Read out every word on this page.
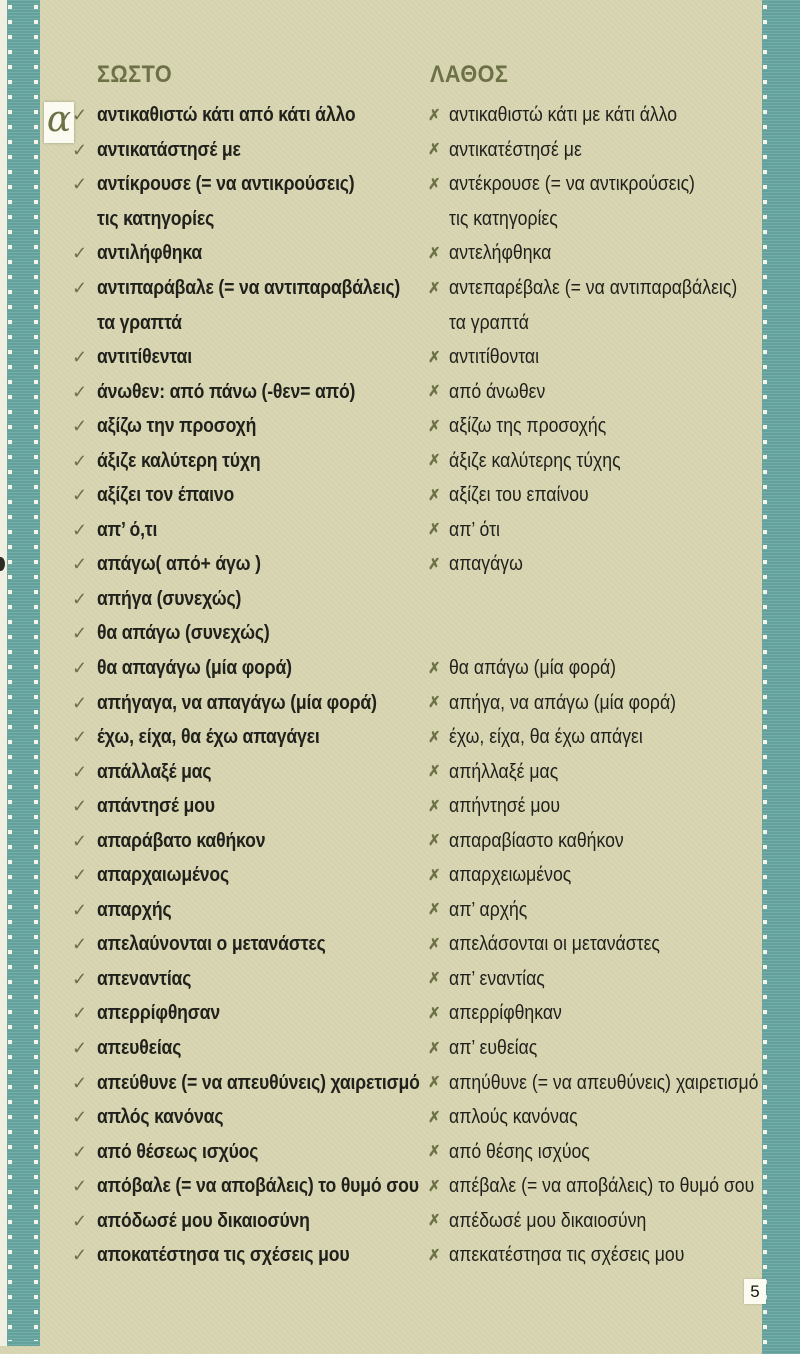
ΣΩΣΤΟ	ΛΑΘΟΣ
α ✓ αντικαθιστώ κάτι από κάτι άλλο	✗ αντικαθιστώ κάτι με κάτι άλλο
✓ αντικατάστησέ με	✗ αντικατέστησέ με
✓ αντίκρουσε (= να αντικρούσεις)	✗ αντέκρουσε (= να αντικρούσεις)
τις κατηγορίες	τις κατηγορίες
✓ αντιλήφθηκα	✗ αντελήφθηκα
✓ αντιπαράβαλε (= να αντιπαραβάλεις) ✗ αντεπαρέβαλε (= να αντιπαραβάλεις)
τα γραπτά	τα γραπτά
✓ αντιτίθενται	✗ αντιτίθονται
✓ άνωθεν: από πάνω (-θεν= από)	✗ από άνωθεν
✓ αξίζω την προσοχή	✗ αξίζω της προσοχής
✓ άξιζε καλύτερη τύχη	✗ άξιζε καλύτερης τύχης
✓ αξίζει τον έπαινο	✗ αξίζει του επαίνου
✓ απ’ ό,τι	✗ απ’ ότι
✓ απάγω( από+ άγω )	✗ απαγάγω
✓ απήγα (συνεχώς)
✓ θα απάγω (συνεχώς)
✓ θα απαγάγω (μία φορά)	✗ θα απάγω (μία φορά)
✓ απήγαγα, να απαγάγω (μία φορά)	✗ απήγα, να απάγω (μία φορά)
✓ έχω, είχα, θα έχω απαγάγει	✗ έχω, είχα, θα έχω απάγει
✓ απάλλαξέ μας	✗ απήλλαξέ μας
✓ απάντησέ μου	✗ απήντησέ μου
✓ απαράβατο καθήκον	✗ απαραβίαστο καθήκον
✓ απαρχαιωμένος	✗ απαρχειωμένος
✓ απαρχής	✗ απ’ αρχής
✓ απελαύνονται ο μετανάστες	✗ απελάσονται οι μετανάστες
✓ απεναντίας	✗ απ’ εναντίας
✓ απερρίφθησαν	✗ απερρίφθηκαν
✓ απευθείας	✗ απ’ ευθείας
✓ απεύθυνε (= να απευθύνεις) χαιρετισμό ✗ απηύθυνε (= να απευθύνεις) χαιρετισμό
✓ απλός κανόνας	✗ απλούς κανόνας
✓ από θέσεως ισχύος	✗ από θέσης ισχύος
✓ απόβαλε (= να αποβάλεις) το θυμό σου ✗ απέβαλε (= να αποβάλεις) το θυμό σου
✓ απόδωσέ μου δικαιοσύνη	✗ απέδωσέ μου δικαιοσύνη
✓ αποκατέστησα τις σχέσεις μου	✗ απεκατέστησα τις σχέσεις μου
5
